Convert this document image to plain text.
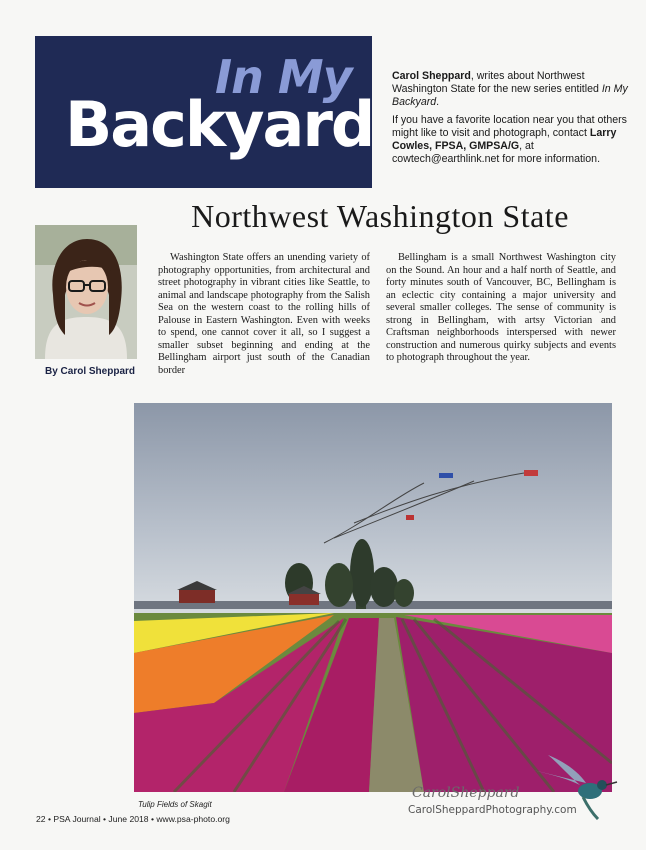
In My
Backyard

Carol Sheppard, writes about Northwest Washington State for the new series entitled In My Backyard.

If you have a favorite location near you that others might like to visit and photograph, contact Larry Cowles, FPSA, GMPSA/G, at cowtech@earthlink.net for more information.

Northwest Washington State
By Carol Sheppard
Washington State offers an unending variety of photography opportunities, from architectural and street photography in vibrant cities like Seattle, to animal and landscape photography from the Salish Sea on the western coast to the rolling hills of Palouse in Eastern Washington. Even with weeks to spend, one cannot cover it all, so I suggest a smaller subset beginning and ending at the Bellingham airport just south of the Canadian border
Bellingham is a small Northwest Washington city on the Sound. An hour and a half north of Seattle, and forty minutes south of Vancouver, BC, Bellingham is an eclectic city containing a major university and several smaller colleges. The sense of community is strong in Bellingham, with artsy Victorian and Craftsman neighborhoods interspersed with newer construction and numerous quirky subjects and events to photograph throughout the year.
Tulip Fields of Skagit
CarolSheppard
CarolSheppardPhotography.com
22 • PSA Journal • June 2018 • www.psa-photo.org
